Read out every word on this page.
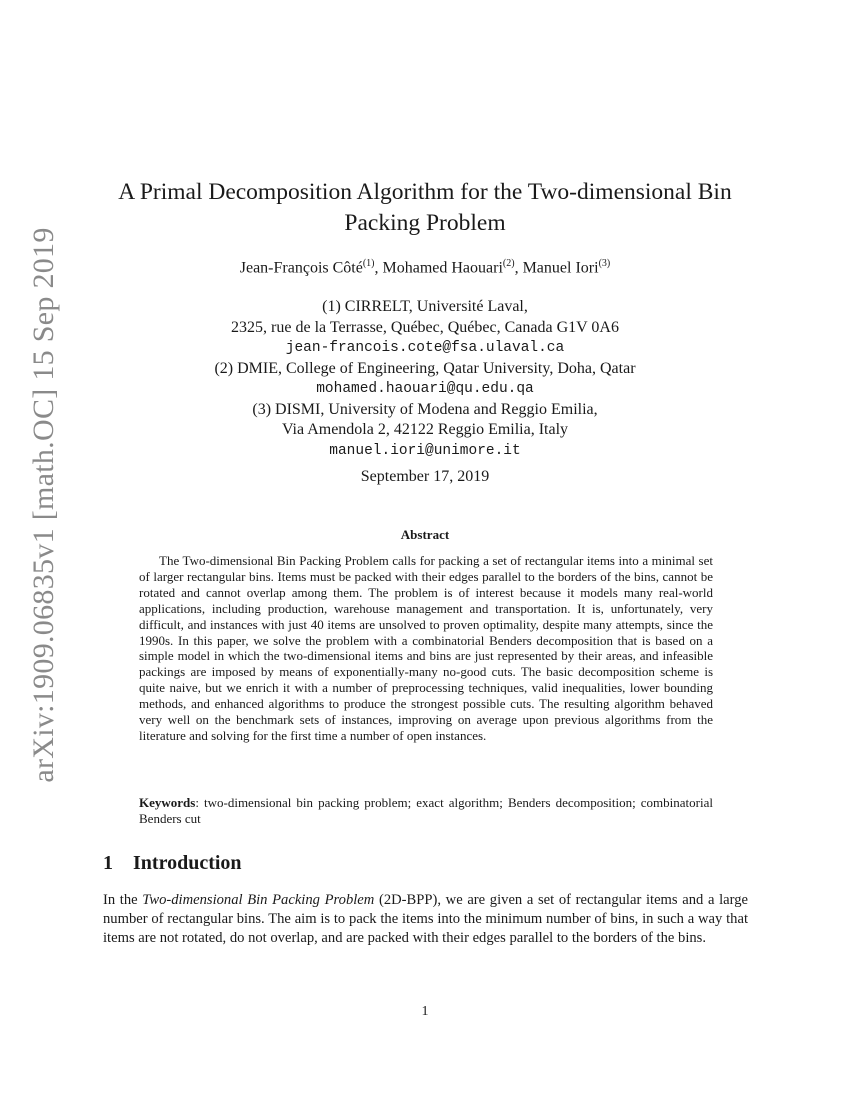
arXiv:1909.06835v1 [math.OC] 15 Sep 2019
A Primal Decomposition Algorithm for the Two-dimensional Bin
Packing Problem
Jean-François Côté$^{(1)}$, Mohamed Haouari$^{(2)}$, Manuel Iori$^{(3)}$
(1) CIRRELT, Université Laval,
2325, rue de la Terrasse, Québec, Québec, Canada G1V 0A6
jean-francois.cote@fsa.ulaval.ca
(2) DMIE, College of Engineering, Qatar University, Doha, Qatar
mohamed.haouari@qu.edu.qa
(3) DISMI, University of Modena and Reggio Emilia,
Via Amendola 2, 42122 Reggio Emilia, Italy
manuel.iori@unimore.it
September 17, 2019
Abstract

The Two-dimensional Bin Packing Problem calls for packing a set of rectangular items into a minimal set of larger rectangular bins. Items must be packed with their edges parallel to the borders of the bins, cannot be rotated and cannot overlap among them. The problem is of interest because it models many real-world applications, including production, warehouse management and transportation. It is, unfortunately, very difficult, and instances with just 40 items are unsolved to proven optimality, despite many attempts, since the 1990s. In this paper, we solve the problem with a combinatorial Benders decomposition that is based on a simple model in which the two-dimensional items and bins are just represented by their areas, and infeasible packings are imposed by means of exponentially-many no-good cuts. The basic decomposition scheme is quite naive, but we enrich it with a number of preprocessing techniques, valid inequalities, lower bounding methods, and enhanced algorithms to produce the strongest possible cuts. The resulting algorithm behaved very well on the benchmark sets of instances, improving on average upon previous algorithms from the literature and solving for the first time a number of open instances.

Keywords: two-dimensional bin packing problem; exact algorithm; Benders decomposition; combinatorial Benders cut

1 Introduction

In the Two-dimensional Bin Packing Problem (2D-BPP), we are given a set of rectangular items and a large number of rectangular bins. The aim is to pack the items into the minimum number of bins, in such a way that items are not rotated, do not overlap, and are packed with their edges parallel to the borders of the bins.

1
